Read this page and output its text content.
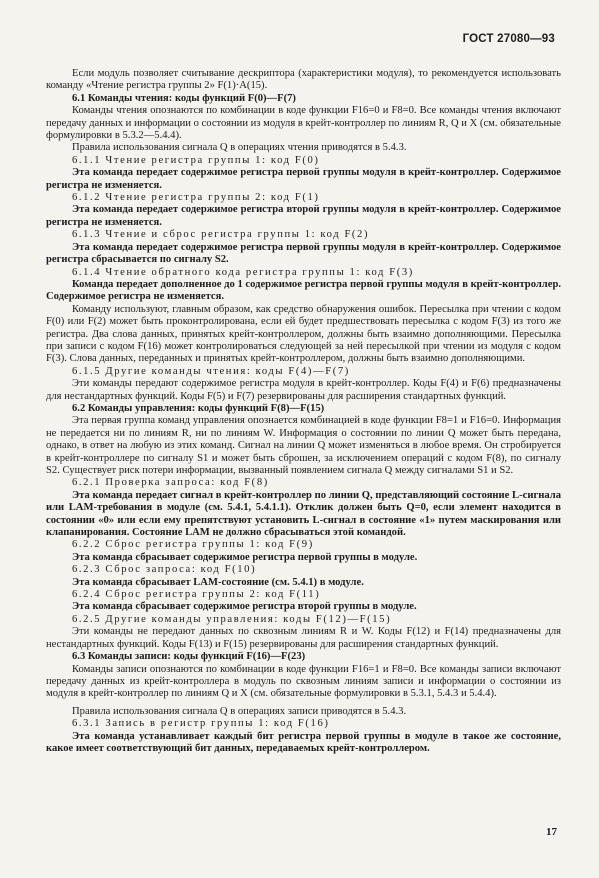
ГОСТ 27080—93

Если модуль позволяет считывание дескриптора (характеристики модуля), то рекомендуется использовать команду «Чтение регистра группы 2» F(1)·A(15).

6.1 Команды чтения: коды функций F(0)—F(7)

Команды чтения опознаются по комбинации в коде функции F16=0 и F8=0. Все команды чтения включают передачу данных и информации о состоянии из модуля в крейт-контроллер по линиям R, Q и X (см. обязательные формулировки в 5.3.2—5.4.4).

Правила использования сигнала Q в операциях чтения приводятся в 5.4.3.

6.1.1 Чтение регистра группы 1: код F(0)

Эта команда передает содержимое регистра первой группы модуля в крейт-контроллер. Содержимое регистра не изменяется.

6.1.2 Чтение регистра группы 2: код F(1)

Эта команда передает содержимое регистра второй группы модуля в крейт-контроллер. Содержимое регистра не изменяется.

6.1.3 Чтение и сброс регистра группы 1: код F(2)

Эта команда передает содержимое регистра первой группы модуля в крейт-контроллер. Содержимое регистра сбрасывается по сигналу S2.

6.1.4 Чтение обратного кода регистра группы 1: код F(3)

Команда передает дополненное до 1 содержимое регистра первой группы модуля в крейт-контроллер. Содержимое регистра не изменяется.

Команду используют, главным образом, как средство обнаружения ошибок. Пересылка при чтении с кодом F(0) или F(2) может быть проконтролирована, если ей будет предшествовать пересылка с кодом F(3) из того же регистра. Два слова данных, принятых крейт-контроллером, должны быть взаимно дополняющими. Пересылка при записи с кодом F(16) может контролироваться следующей за ней пересылкой при чтении из модуля с кодом F(3). Слова данных, переданных и принятых крейт-контроллером, должны быть взаимно дополняющими.

6.1.5 Другие команды чтения: коды F(4)—F(7)

Эти команды передают содержимое регистра модуля в крейт-контроллер. Коды F(4) и F(6) предназначены для нестандартных функций. Коды F(5) и F(7) резервированы для расширения стандартных функций.

6.2 Команды управления: коды функций F(8)—F(15)

Эта первая группа команд управления опознается комбинацией в коде функции F8=1 и F16=0. Информация не передается ни по линиям R, ни по линиям W. Информация о состоянии по линии Q может быть передана, однако, в ответ на любую из этих команд. Сигнал на линии Q может изменяться в любое время. Он стробируется в крейт-контроллере по сигналу S1 и может быть сброшен, за исключением операций с кодом F(8), по сигналу S2. Существует риск потери информации, вызванный появлением сигнала Q между сигналами S1 и S2.

6.2.1 Проверка запроса: код F(8)

Эта команда передает сигнал в крейт-контроллер по линии Q, представляющий состояние L-сигнала или LAM-требования в модуле (см. 5.4.1, 5.4.1.1). Отклик должен быть Q=0, если элемент находится в состоянии «0» или если ему препятствуют установить L-сигнал в состояние «1» путем маскирования или клапанирования. Состояние LAM не должно сбрасываться этой командой.

6.2.2 Сброс регистра группы 1: код F(9)

Эта команда сбрасывает содержимое регистра первой группы в модуле.

6.2.3 Сброс запроса: код F(10)

Эта команда сбрасывает LAM-состояние (см. 5.4.1) в модуле.

6.2.4 Сброс регистра группы 2: код F(11)

Эта команда сбрасывает содержимое регистра второй группы в модуле.

6.2.5 Другие команды управления: коды F(12)—F(15)

Эти команды не передают данных по сквозным линиям R и W. Коды F(12) и F(14) предназначены для нестандартных функций. Коды F(13) и F(15) резервированы для расширения стандартных функций.

6.3 Команды записи: коды функций F(16)—F(23)

Команды записи опознаются по комбинации в коде функции F16=1 и F8=0. Все команды записи включают передачу данных из крейт-контроллера в модуль по сквозным линиям записи и информации о состоянии из модуля в крейт-контроллер по линиям Q и X (см. обязательные формулировки в 5.3.1, 5.4.3 и 5.4.4).

Правила использования сигнала Q в операциях записи приводятся в 5.4.3.

6.3.1 Запись в регистр группы 1: код F(16)

Эта команда устанавливает каждый бит регистра первой группы в модуле в такое же состояние, какое имеет соответствующий бит данных, передаваемых крейт-контроллером.

17
